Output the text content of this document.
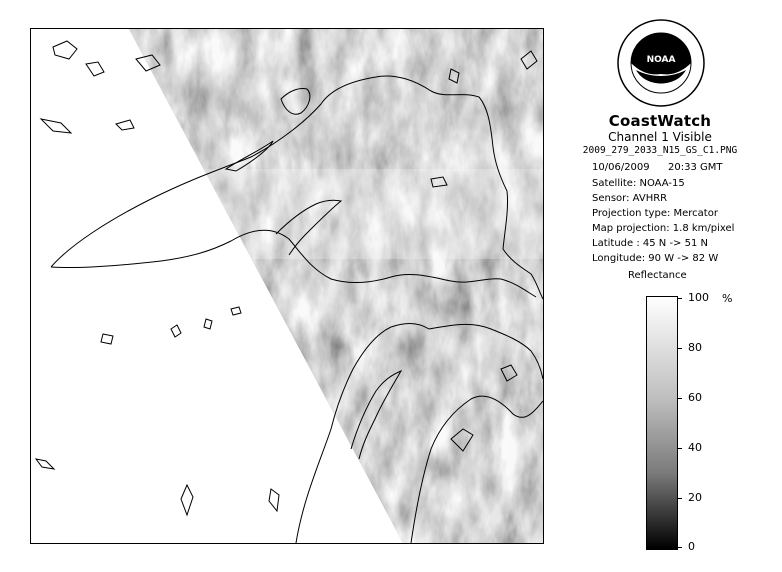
NOAA

CoastWatch

Channel 1 Visible

2009_279_2033_N15_GS_C1.PNG

10/06/2009 20:33 GMT

Satellite: NOAA-15

Sensor: AVHRR

Projection type: Mercator

Map projection: 1.8 km/pixel

Latitude : 45 N -> 51 N

Longitude: 90 W -> 82 W

Reflectance
%
100
80
60
40
20
0
